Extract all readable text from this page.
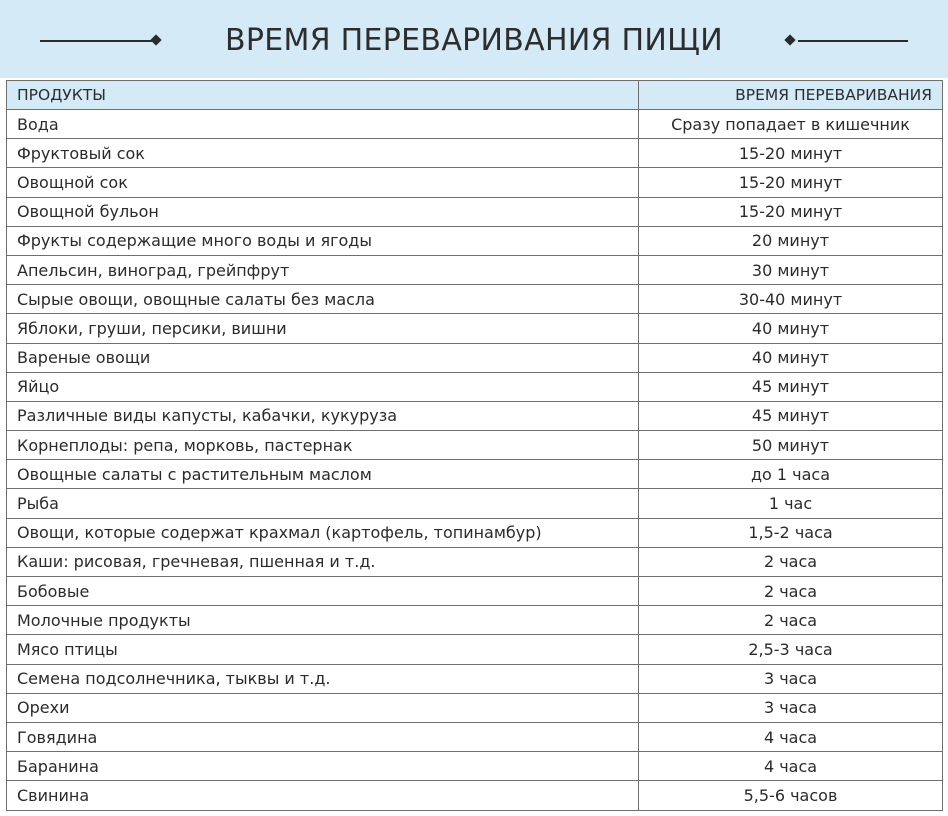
ВРЕМЯ ПЕРЕВАРИВАНИЯ ПИЩИ
ПРОДУКТЫ	ВРЕМЯ ПЕРЕВАРИВАНИЯ
Вода	Сразу попадает в кишечник
Фруктовый сок	15-20 минут
Овощной сок	15-20 минут
Овощной бульон	15-20 минут
Фрукты содержащие много воды и ягоды	20 минут
Апельсин, виноград, грейпфрут	30 минут
Сырые овощи, овощные салаты без масла	30-40 минут
Яблоки, груши, персики, вишни	40 минут
Вареные овощи	40 минут
Яйцо	45 минут
Различные виды капусты, кабачки, кукуруза	45 минут
Корнеплоды: репа, морковь, пастернак	50 минут
Овощные салаты с растительным маслом	до 1 часа
Рыба	1 час
Овощи, которые содержат крахмал (картофель, топинамбур)	1,5-2 часа
Каши: рисовая, гречневая, пшенная и т.д.	2 часа
Бобовые	2 часа
Молочные продукты	2 часа
Мясо птицы	2,5-3 часа
Семена подсолнечника, тыквы и т.д.	3 часа
Орехи	3 часа
Говядина	4 часа
Баранина	4 часа
Свинина	5,5-6 часов
